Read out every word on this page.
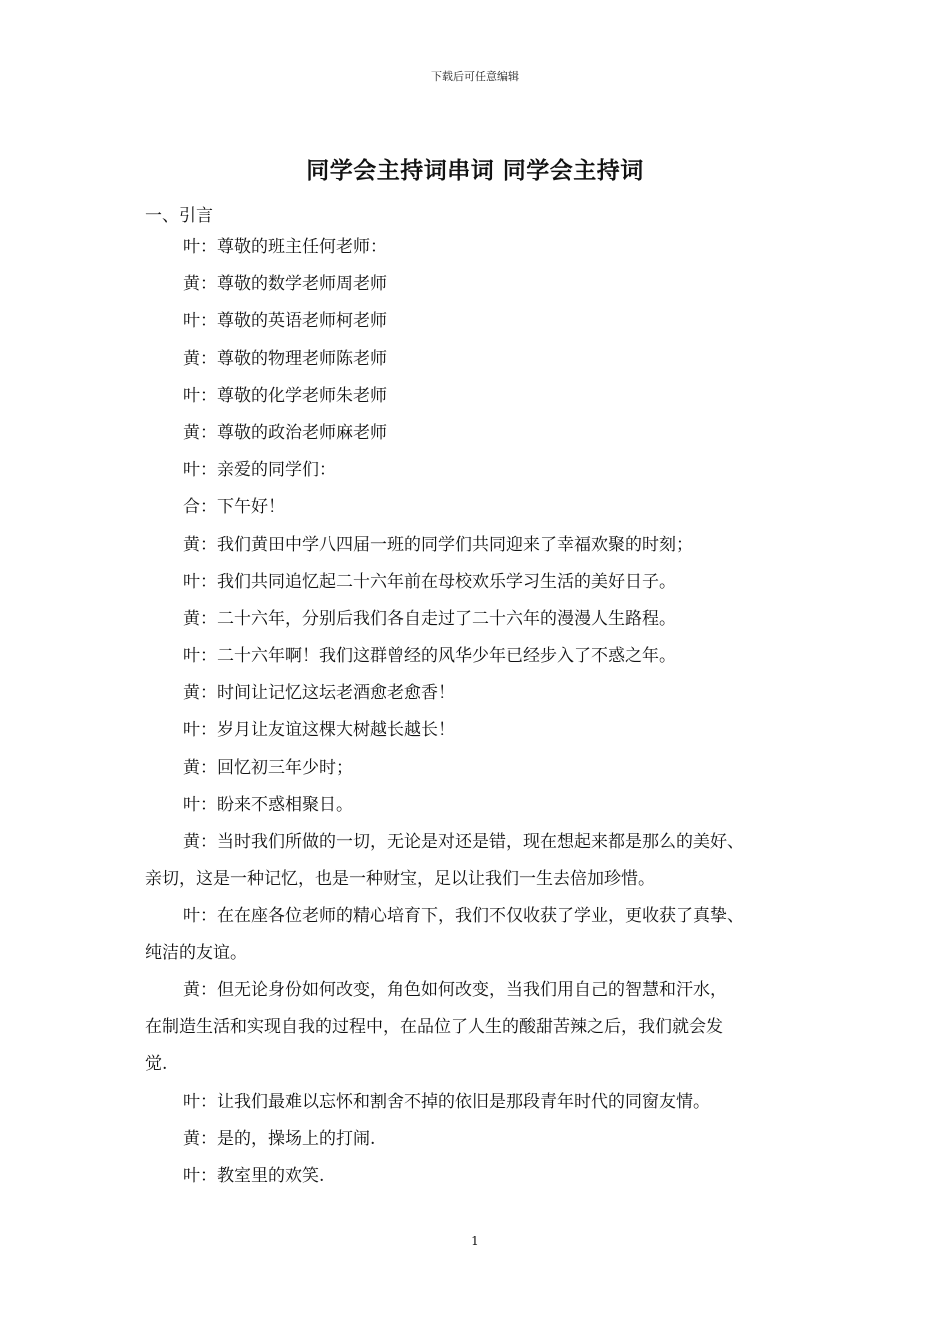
下载后可任意编辑
同学会主持词串词 同学会主持词
一、引言
叶：尊敬的班主任何老师：
黄：尊敬的数学老师周老师
叶：尊敬的英语老师柯老师
黄：尊敬的物理老师陈老师
叶：尊敬的化学老师朱老师
黄：尊敬的政治老师麻老师
叶：亲爱的同学们：
合：下午好！
黄：我们黄田中学八四届一班的同学们共同迎来了幸福欢聚的时刻；
叶：我们共同追忆起二十六年前在母校欢乐学习生活的美好日子。
黄：二十六年，分别后我们各自走过了二十六年的漫漫人生路程。
叶：二十六年啊！我们这群曾经的风华少年已经步入了不惑之年。
黄：时间让记忆这坛老酒愈老愈香！
叶：岁月让友谊这棵大树越长越长！
黄：回忆初三年少时；
叶：盼来不惑相聚日。
黄：当时我们所做的一切，无论是对还是错，现在想起来都是那么的美好、
亲切，这是一种记忆，也是一种财宝，足以让我们一生去倍加珍惜。
叶：在在座各位老师的精心培育下，我们不仅收获了学业，更收获了真挚、
纯洁的友谊。
黄：但无论身份如何改变，角色如何改变，当我们用自己的智慧和汗水，
在制造生活和实现自我的过程中，在品位了人生的酸甜苦辣之后，我们就会发
觉.
叶：让我们最难以忘怀和割舍不掉的依旧是那段青年时代的同窗友情。
黄：是的，操场上的打闹.
叶：教室里的欢笑.
1
